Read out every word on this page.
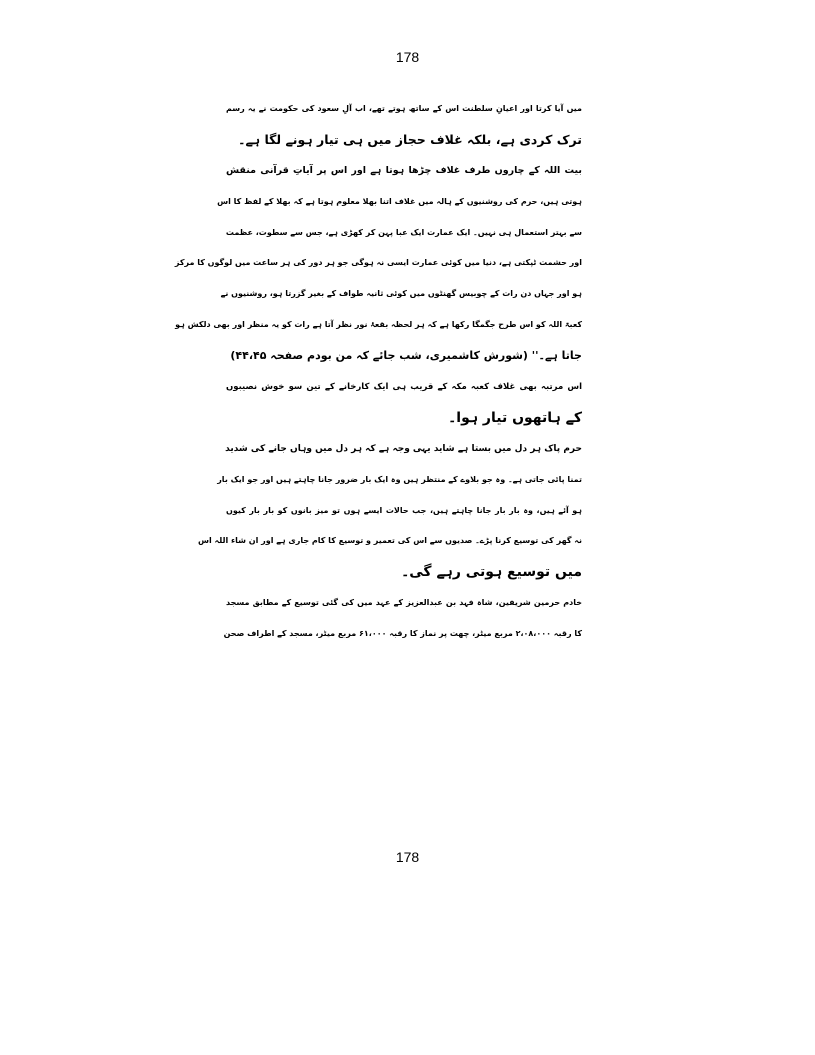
178
میں آیا کرتا اور اعیانِ سلطنت اس کے ساتھ ہوتے تھے، اب آلِ سعود کی حکومت نے یہ رسم
ترک کردی ہے، بلکہ غلاف حجاز میں ہی تیار ہونے لگا ہے۔
بیت اللہ کے چاروں طرف غلاف چڑھا ہوتا ہے اور اس پر آیاتِ قرآنی منقش
ہوتی ہیں، حرم کی روشنیوں کے ہالہ میں غلاف اتنا بھلا معلوم ہوتا ہے کہ بھلا کے لفظ کا اس
سے بہتر استعمال ہی نہیں۔ ایک عمارت ایک عبا پہن کر کھڑی ہے، جس سے سطوت، عظمت
اور حشمت ٹپکتی ہے، دنیا میں کوئی عمارت ایسی نہ ہوگی جو ہر دور کی ہر ساعت میں لوگوں کا مرکز
ہو اور جہاں دن رات کے چوبیس گھنٹوں میں کوئی ثانیہ طواف کے بغیر گزرتا ہو، روشنیوں نے
کعبۃ اللہ کو اس طرح جگمگا رکھا ہے کہ ہر لحظہ بقعۂ نور نظر آتا ہے رات کو یہ منظر اور بھی دلکش ہو
جاتا ہے۔'' (شورش کاشمیری، شب جائے کہ من بودم صفحہ ۴۴،۴۵)
اس مرتبہ بھی غلاف کعبہ مکہ کے قریب ہی ایک کارخانے کے تین سو خوش نصیبوں
کے ہاتھوں تیار ہوا۔
حرم پاک ہر دل میں بستا ہے شاید یہی وجہ ہے کہ ہر دل میں وہاں جانے کی شدید
تمنا پائی جاتی ہے۔ وہ جو بلاوے کے منتظر ہیں وہ ایک بار ضرور جانا چاہتے ہیں اور جو ایک بار
ہو آئے ہیں، وہ بار بار جانا چاہتے ہیں، جب حالات ایسے ہوں تو میز بانوں کو بار بار کیوں
نہ گھر کی توسیع کرنا پڑے۔ صدیوں سے اس کی تعمیر و توسیع کا کام جاری ہے اور ان شاء اللہ اس
میں توسیع ہوتی رہے گی۔
خادم حرمین شریفین، شاہ فہد بن عبدالعزیز کے عہد میں کی گئی توسیع کے مطابق مسجد
کا رقبہ ۲،۰۸،۰۰۰ مربع میٹر، چھت پر نماز کا رقبہ ۶۱،۰۰۰ مربع میٹر، مسجد کے اطراف صحن
178
